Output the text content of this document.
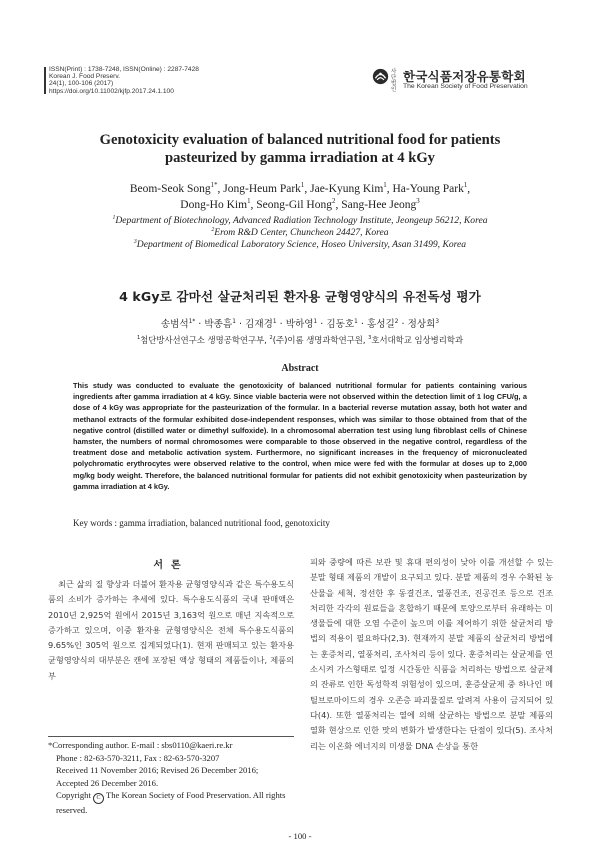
ISSN(Print) : 1738-7248, ISSN(Online) : 2287-7428
Korean J. Food Preserv.
24(1), 100-106 (2017)
https://doi.org/10.11002/kjfp.2017.24.1.100
사단법인
한국식품저장유통학회
The Korean Society of Food Preservation
Genotoxicity evaluation of balanced nutritional food for patients
pasteurized by gamma irradiation at 4 kGy
Beom-Seok Song$^{1*}$, Jong-Heum Park$^1$, Jae-Kyung Kim$^1$, Ha-Young Park$^1$,
Dong-Ho Kim$^1$, Seong-Gil Hong$^2$, Sang-Hee Jeong$^3$
$^1$Department of Biotechnology, Advanced Radiation Technology Institute, Jeongeup 56212, Korea
$^2$Erom R&D Center, Chuncheon 24427, Korea
$^3$Department of Biomedical Laboratory Science, Hoseo University, Asan 31499, Korea
4 kGy로 감마선 살균처리된 환자용 균형영양식의 유전독성 평가
송범석$^{1*}$ · 박종흠$^1$ · 김재경$^1$ · 박하영$^1$ · 김동호$^1$ · 홍성길$^2$ · 정상희$^3$
$^1$첨단방사선연구소 생명공학연구부, $^2$(주)이롬 생명과학연구원, $^3$호서대학교 임상병리학과
Abstract
This study was conducted to evaluate the genotoxicity of balanced nutritional formular for patients containing various ingredients after gamma irradiation at 4 kGy. Since viable bacteria were not observed within the detection limit of 1 log CFU/g, a dose of 4 kGy was appropriate for the pasteurization of the formular. In a bacterial reverse mutation assay, both hot water and methanol extracts of the formular exhibited dose-independent responses, which was similar to those obtained from that of the negative control (distilled water or dimethyl sulfoxide). In a chromosomal aberration test using lung fibroblast cells of Chinese hamster, the numbers of normal chromosomes were comparable to those observed in the negative control, regardless of the treatment dose and metabolic activation system. Furthermore, no significant increases in the frequency of micronucleated polychromatic erythrocytes were observed relative to the control, when mice were fed with the formular at doses up to 2,000 mg/kg body weight. Therefore, the balanced nutritional formular for patients did not exhibit genotoxicity when pasteurization by gamma irradiation at 4 kGy.
Key words : gamma irradiation, balanced nutritional food, genotoxicity
서론
최근 삶의 질 향상과 더불어 환자용 균형영양식과 같은 특수용도식품의 소비가 증가하는 추세에 있다. 특수용도식품의 국내 판매액은 2010년 2,925억 원에서 2015년 3,163억 원으로 매년 지속적으로 증가하고 있으며, 이중 환자용 균형영양식은 전체 특수용도식품의 9.65%인 305억 원으로 집계되었다(1). 현재 판매되고 있는 환자용 균형영양식의 대부분은 캔에 포장된 액상 형태의 제품들이나, 제품의 부
피와 중량에 따른 보관 및 휴대 편의성이 낮아 이를 개선할 수 있는 분말 형태 제품의 개발이 요구되고 있다. 분말 제품의 경우 수확된 농산물을 세척, 정선한 후 동결건조, 열풍건조, 진공건조 등으로 건조 처리한 각각의 원료들을 혼합하기 때문에 토양으로부터 유래하는 미생물들에 대한 오염 수준이 높으며 이를 제어하기 위한 살균처리 방법의 적용이 필요하다(2,3). 현재까지 분말 제품의 살균처리 방법에는 훈증처리, 열풍처리, 조사처리 등이 있다. 훈증처리는 살균제를 연소시켜 가스형태로 일정 시간동안 식품을 처리하는 방법으로 살균제의 잔류로 인한 독성학적 위험성이 있으며, 훈증살균제 중 하나인 메틸브로마이드의 경우 오존층 파괴물질로 알려져 사용이 금지되어 있다(4). 또한 열풍처리는 열에 의해 살균하는 방법으로 분말 제품의 열화 현상으로 인한 맛의 변화가 발생한다는 단점이 있다(5). 조사처리는 이온화 에너지의 미생물 DNA 손상을 통한
*Corresponding author. E-mail : sbs0110@kaeri.re.kr
Phone : 82-63-570-3211, Fax : 82-63-570-3207
Received 11 November 2016; Revised 26 December 2016;
Accepted 26 December 2016.
Copyright C The Korean Society of Food Preservation. All rights reserved.
- 100 -
